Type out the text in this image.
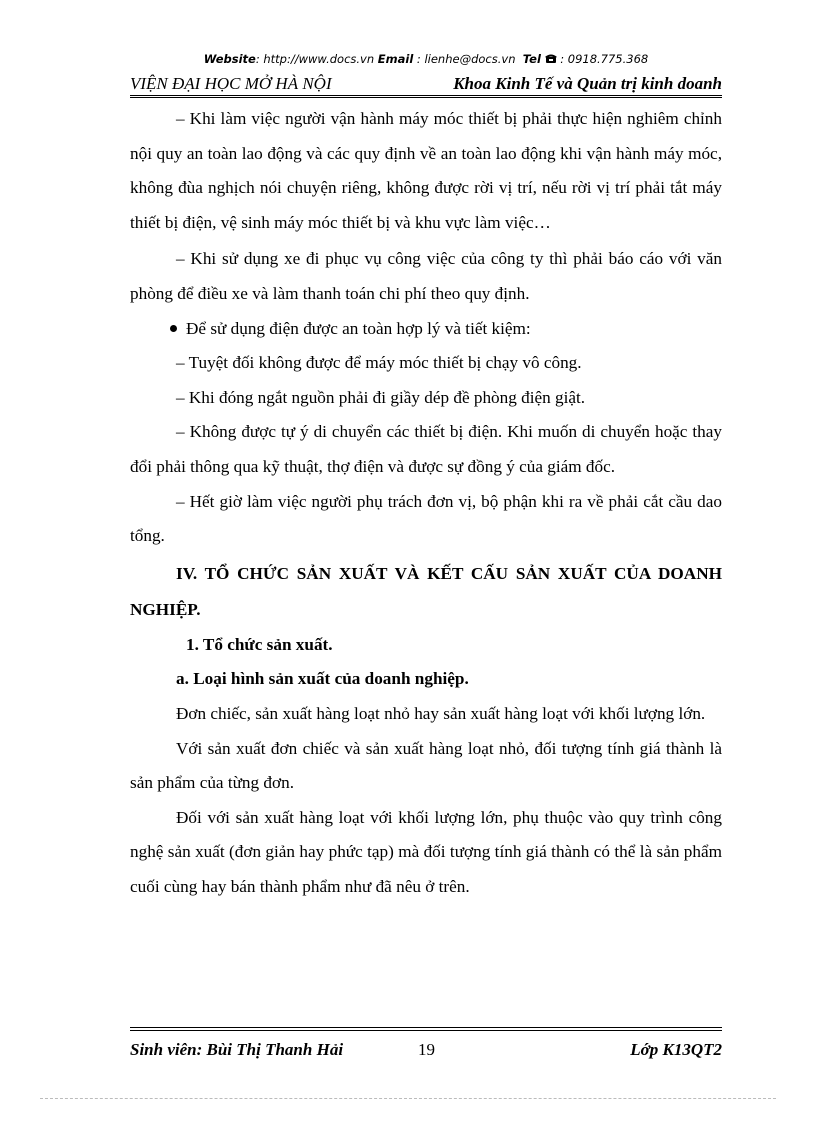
Website: http://www.docs.vn Email : lienhe@docs.vn Tel : 0918.775.368
VIỆN ĐẠI HỌC MỞ HÀ NỘI	Khoa Kinh Tế và Quản trị kinh doanh

– Khi làm việc người vận hành máy móc thiết bị phải thực hiện nghiêm chỉnh nội quy an toàn lao động và các quy định về an toàn lao động khi vận hành máy móc, không đùa nghịch nói chuyện riêng, không được rời vị trí, nếu rời vị trí phải tắt máy thiết bị điện, vệ sinh máy móc thiết bị và khu vực làm việc…

– Khi sử dụng xe đi phục vụ công việc của công ty thì phải báo cáo với văn phòng để điều xe và làm thanh toán chi phí theo quy định.

Để sử dụng điện được an toàn hợp lý và tiết kiệm:

– Tuyệt đối không được để máy móc thiết bị chạy vô công.

– Khi đóng ngắt nguồn phải đi giầy dép đề phòng điện giật.

– Không được tự ý di chuyển các thiết bị điện. Khi muốn di chuyển hoặc thay đổi phải thông qua kỹ thuật, thợ điện và được sự đồng ý của giám đốc.

– Hết giờ làm việc người phụ trách đơn vị, bộ phận khi ra về phải cắt cầu dao tổng.

IV. TỔ CHỨC SẢN XUẤT VÀ KẾT CẤU SẢN XUẤT CỦA DOANH NGHIỆP.

1. Tổ chức sản xuất.

a. Loại hình sản xuất của doanh nghiệp.

Đơn chiếc, sản xuất hàng loạt nhỏ hay sản xuất hàng loạt với khối lượng lớn.

Với sản xuất đơn chiếc và sản xuất hàng loạt nhỏ, đối tượng tính giá thành là sản phẩm của từng đơn.

Đối với sản xuất hàng loạt với khối lượng lớn, phụ thuộc vào quy trình công nghệ sản xuất (đơn giản hay phức tạp) mà đối tượng tính giá thành có thể là sản phẩm cuối cùng hay bán thành phẩm như đã nêu ở trên.

Sinh viên: Bùi Thị Thanh Hải	19	Lớp K13QT2
